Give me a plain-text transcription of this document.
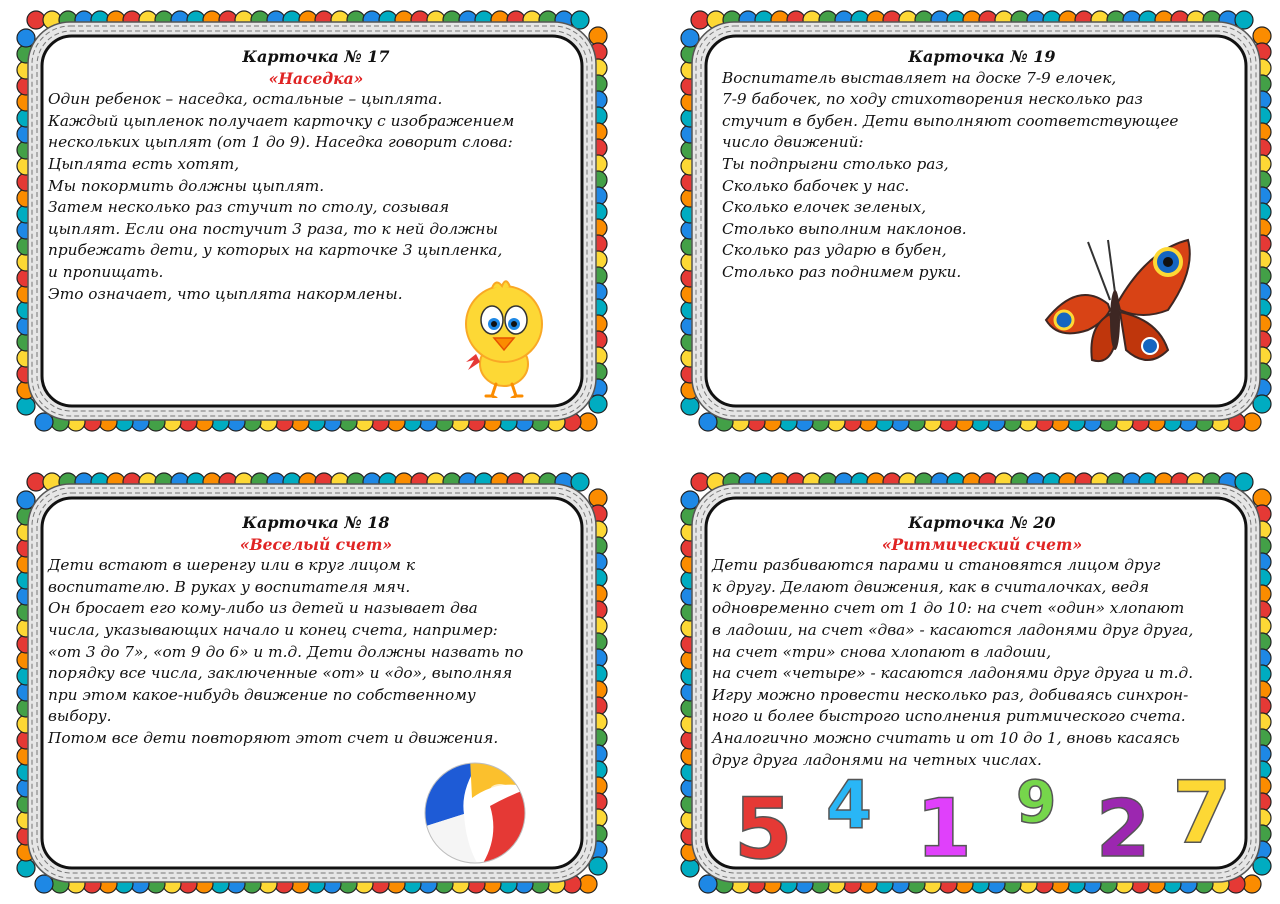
Карточка № 17
«Наседка»
Один ребенок – наседка, остальные – цыплята.
Каждый цыпленок получает карточку с изображением
нескольких цыплят (от 1 до 9). Наседка говорит слова:
Цыплята есть хотят,
Мы покормить должны цыплят.
Затем несколько раз стучит по столу, созывая
цыплят. Если она постучит 3 раза, то к ней должны
прибежать дети, у которых на карточке 3 цыпленка,
и пропищать.
Это означает, что цыплята накормлены.
Карточка № 19
Воспитатель выставляет на доске 7-9 елочек,
7-9 бабочек, по ходу стихотворения несколько раз
стучит в бубен. Дети выполняют соответствующее
число движений:
Ты подпрыгни столько раз,
Сколько бабочек у нас.
Сколько елочек зеленых,
Столько выполним наклонов.
Сколько раз ударю в бубен,
Столько раз поднимем руки.
Карточка № 18
«Веселый счет»
Дети встают в шеренгу или в круг лицом к
воспитателю. В руках у воспитателя мяч.
Он бросает его кому-либо из детей и называет два
числа, указывающих начало и конец счета, например:
«от 3 до 7», «от 9 до 6» и т.д. Дети должны назвать по
порядку все числа, заключенные «от» и «до», выполняя
при этом какое-нибудь движение по собственному
выбору.
Потом все дети повторяют этот счет и движения.
Карточка № 20
«Ритмический счет»
Дети разбиваются парами и становятся лицом друг
к другу. Делают движения, как в считалочках, ведя
одновременно счет от 1 до 10: на счет «один» хлопают
в ладоши, на счет «два» - касаются ладонями друг друга,
на счет «три» снова хлопают в ладоши,
на счет «четыре» - касаются ладонями друг друга и т.д.
Игру можно провести несколько раз, добиваясь синхрон-
ного и более быстрого исполнения ритмического счета.
Аналогично можно считать и от 10 до 1, вновь касаясь
друг друга ладонями на четных числах.
5 4 1 9 2 7
